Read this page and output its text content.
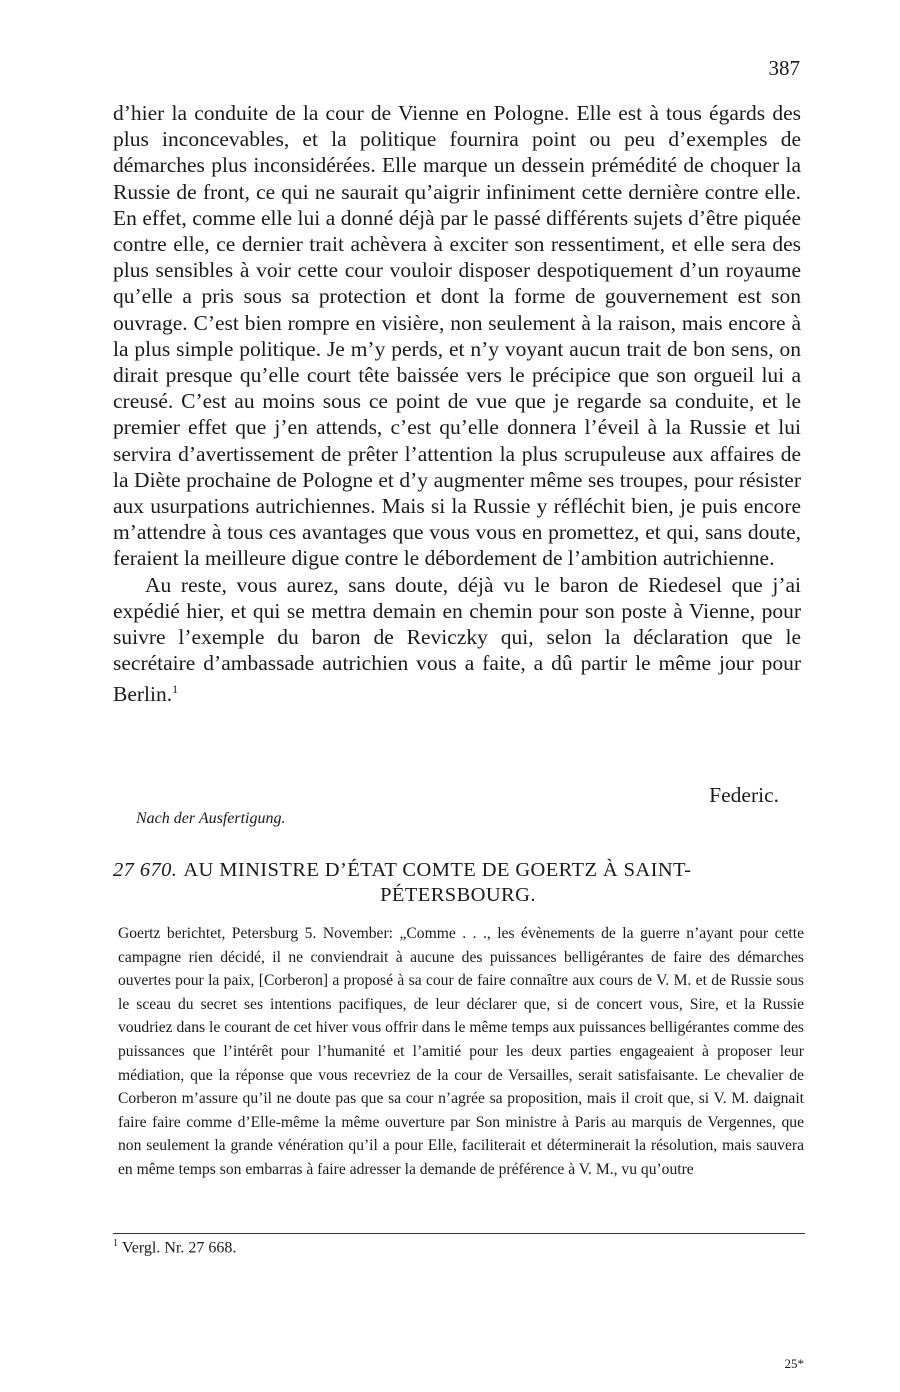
387

d’hier la conduite de la cour de Vienne en Pologne. Elle est à tous égards des plus inconcevables, et la politique fournira point ou peu d’exemples de démarches plus inconsidérées. Elle marque un dessein prémédité de choquer la Russie de front, ce qui ne saurait qu’aigrir infiniment cette dernière contre elle. En effet, comme elle lui a donné déjà par le passé différents sujets d’être piquée contre elle, ce dernier trait achèvera à exciter son ressentiment, et elle sera des plus sensibles à voir cette cour vouloir disposer despotiquement d’un royaume qu’elle a pris sous sa protection et dont la forme de gouvernement est son ouvrage. C’est bien rompre en visière, non seulement à la raison, mais encore à la plus simple politique. Je m’y perds, et n’y voyant aucun trait de bon sens, on dirait presque qu’elle court tête baissée vers le précipice que son orgueil lui a creusé. C’est au moins sous ce point de vue que je regarde sa conduite, et le premier effet que j’en attends, c’est qu’elle donnera l’éveil à la Russie et lui servira d’avertissement de prêter l’attention la plus scrupuleuse aux affaires de la Diète prochaine de Pologne et d’y augmenter même ses troupes, pour résister aux usurpations autrichiennes. Mais si la Russie y réfléchit bien, je puis encore m’attendre à tous ces avantages que vous vous en promettez, et qui, sans doute, feraient la meilleure digue contre le débordement de l’ambition autrichienne.

Au reste, vous aurez, sans doute, déjà vu le baron de Riedesel que j’ai expédié hier, et qui se mettra demain en chemin pour son poste à Vienne, pour suivre l’exemple du baron de Reviczky qui, selon la déclaration que le secrétaire d’ambassade autrichien vous a faite, a dû partir le même jour pour Berlin.$^1$

Federic.
Nach der Ausfertigung.
27 670. AU MINISTRE D’ÉTAT COMTE DE GOERTZ À SAINT-
PÉTERSBOURG.

Goertz berichtet, Petersburg 5. November: „Comme . . ., les évènements de la guerre n’ayant pour cette campagne rien décidé, il ne conviendrait à aucune des puissances belligérantes de faire des démarches ouvertes pour la paix, [Corberon] a proposé à sa cour de faire connaître aux cours de V. M. et de Russie sous le sceau du secret ses intentions pacifiques, de leur déclarer que, si de concert vous, Sire, et la Russie voudriez dans le courant de cet hiver vous offrir dans le même temps aux puissances belligérantes comme des puissances que l’intérêt pour l’humanité et l’amitié pour les deux parties engageaient à proposer leur médiation, que la réponse que vous recevriez de la cour de Versailles, serait satisfaisante. Le chevalier de Corberon m’assure qu’il ne doute pas que sa cour n’agrée sa proposition, mais il croit que, si V. M. daignait faire faire comme d’Elle-même la même ouverture par Son ministre à Paris au marquis de Vergennes, que non seulement la grande vénération qu’il a pour Elle, faciliterait et déterminerait la résolution, mais sauvera en même temps son embarras à faire adresser la demande de préférence à V. M., vu qu’outre

$^1$ Vergl. Nr. 27 668.
25*
